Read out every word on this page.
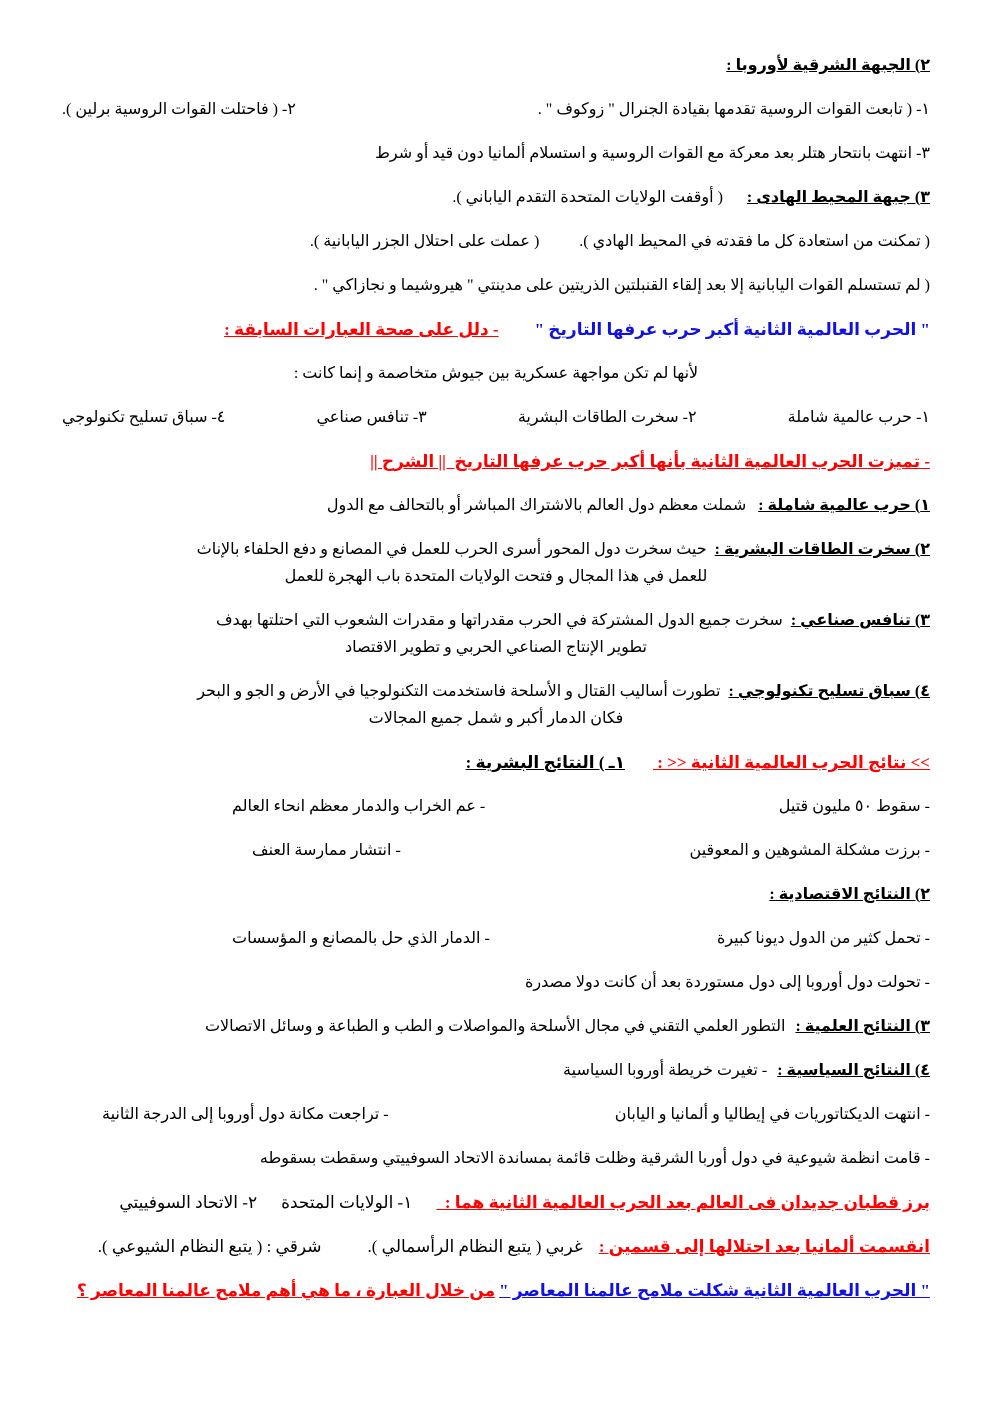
٢) الجبهة الشرقية لأوروبا :
١- ( تابعت القوات الروسية تقدمها بقيادة الجنرال " زوكوف " .
٢- ( فاحتلت القوات الروسية برلين ).
٣- انتهت بانتحار هتلر بعد معركة مع القوات الروسية و استسلام ألمانيا دون قيد أو شرط
٣) جبهة المحيط الهادى :
( أوقفت الولايات المتحدة التقدم الياباني ).
( تمكنت من استعادة كل ما فقدته في المحيط الهادي ).
( عملت على احتلال الجزر اليابانية ).
( لم تستسلم القوات اليابانية إلا بعد إلقاء القنبلتين الذريتين على مدينتي " هيروشيما و نجازاكي " .
" الحرب العالمية الثانية أكبر حرب عرفها التاريخ "
- دلل على صحة العبارات السابقة :
لأنها لم تكن مواجهة عسكرية بين جيوش متخاصمة و إنما كانت :
١- حرب عالمية شاملة
٢- سخرت الطاقات البشرية
٣- تنافس صناعي
٤- سباق تسليح تكنولوجي
- تميزت الحرب العالمية الثانية بأنها أكبر حرب عرفها التاريخ  || الشرح ||
١) حرب عالمية شاملة :
شملت معظم دول العالم بالاشتراك المباشر أو بالتحالف مع الدول
٢) سخرت الطاقات البشرية :
حيث سخرت دول المحور أسرى الحرب للعمل في المصانع و دفع الحلفاء بالإناث
للعمل في هذا المجال و فتحت الولايات المتحدة باب الهجرة للعمل
٣) تنافس صناعي :
سخرت جميع الدول المشتركة في الحرب مقدراتها و مقدرات الشعوب التي احتلتها بهدف
تطوير الإنتاج الصناعي الحربي و تطوير الاقتصاد
٤) سباق تسليح تكنولوجي :
تطورت أساليب القتال و الأسلحة فاستخدمت التكنولوجيا في الأرض و الجو و البحر
فكان الدمار أكبر و شمل جميع المجالات
>> نتائج الحرب العالمية الثانية << :
١ـ ) النتائج البشرية :
- سقوط ٥٠ مليون قتيل
- عم الخراب والدمار معظم انحاء العالم
- برزت مشكلة المشوهين و المعوقين
- انتشار ممارسة العنف
٢) النتائج الاقتصادية :
- تحمل كثير من الدول ديونا كبيرة
- الدمار الذي حل بالمصانع و المؤسسات
- تحولت دول أوروبا إلى دول مستوردة بعد أن كانت دولا مصدرة
٣) النتائج العلمية :
التطور العلمي التقني في مجال الأسلحة والمواصلات و الطب و الطباعة و وسائل الاتصالات
٤) النتائج السياسية :
- تغيرت خريطة أوروبا السياسية
- انتهت الديكتاتوريات في إيطاليا و ألمانيا و اليابان
- تراجعت مكانة دول أوروبا إلى الدرجة الثانية
- قامت انظمة شيوعية في دول أوربا الشرقية وظلت قائمة بمساندة الاتحاد السوفييتي وسقطت بسقوطه
برز قطبان جديدان فى العالم بعد الحرب العالمية الثانية هما :
١- الولايات المتحدة
٢- الاتحاد السوفييتي
انقسمت ألمانيا بعد احتلالها إلى قسمين :
غربي ( يتبع النظام الرأسمالي ).
شرقي : ( يتبع النظام الشيوعي ).
" الحرب العالمية الثانية شكلت ملامح عالمنا المعاصر "
من خلال العبارة ، ما هي أهم ملامح عالمنا المعاصر ؟
